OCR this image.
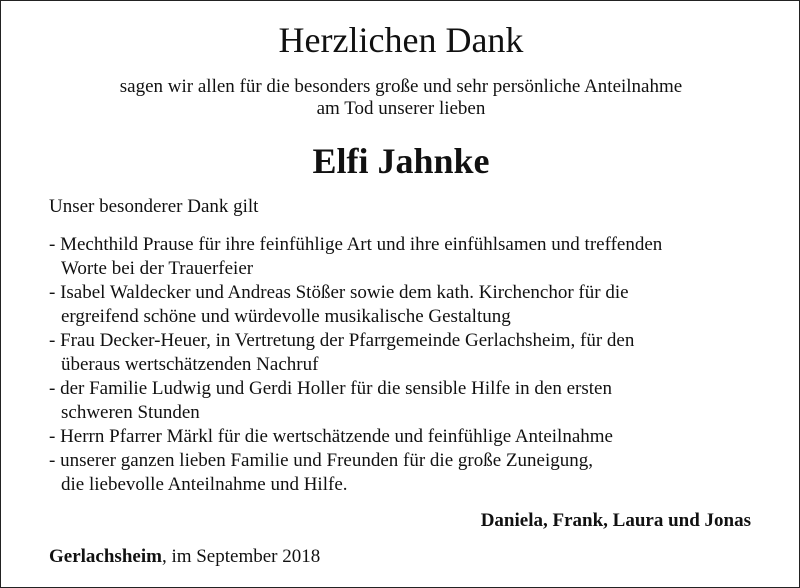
Herzlichen Dank
sagen wir allen für die besonders große und sehr persönliche Anteilnahme
am Tod unserer lieben
Elfi Jahnke
Unser besonderer Dank gilt
- Mechthild Prause für ihre feinfühlige Art und ihre einfühlsamen und treffenden
Worte bei der Trauerfeier
- Isabel Waldecker und Andreas Stößer sowie dem kath. Kirchenchor für die
ergreifend schöne und würdevolle musikalische Gestaltung
- Frau Decker-Heuer, in Vertretung der Pfarrgemeinde Gerlachsheim, für den
überaus wertschätzenden Nachruf
- der Familie Ludwig und Gerdi Holler für die sensible Hilfe in den ersten
schweren Stunden
- Herrn Pfarrer Märkl für die wertschätzende und feinfühlige Anteilnahme
- unserer ganzen lieben Familie und Freunden für die große Zuneigung,
die liebevolle Anteilnahme und Hilfe.
Daniela, Frank, Laura und Jonas
Gerlachsheim, im September 2018
